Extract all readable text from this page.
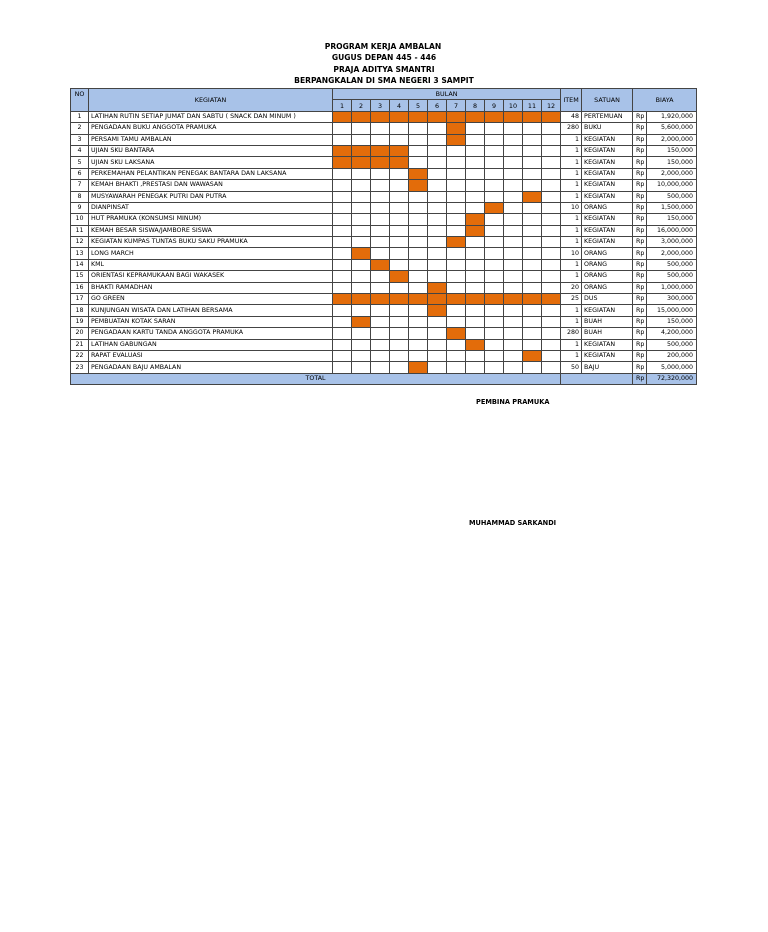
PROGRAM KERJA AMBALAN
GUGUS DEPAN 445 - 446
PRAJA ADITYA SMANTRI
BERPANGKALAN DI SMA NEGERI 3 SAMPIT
NO	KEGIATAN	BULAN												ITEM	SATUAN	BIAYA	
		1	2	3	4	5	6	7	8	9	10	11	12				
1	LATIHAN RUTIN SETIAP JUMAT DAN SABTU ( SNACK DAN MINUM )													48	PERTEMUAN	Rp	1,920,000
2	PENGADAAN BUKU ANGGOTA PRAMUKA													280	BUKU	Rp	5,600,000
3	PERSAMI TAMU AMBALAN													1	KEGIATAN	Rp	2,000,000
4	UJIAN SKU BANTARA													1	KEGIATAN	Rp	150,000
5	UJIAN SKU LAKSANA													1	KEGIATAN	Rp	150,000
6	PERKEMAHAN PELANTIKAN PENEGAK BANTARA DAN LAKSANA													1	KEGIATAN	Rp	2,000,000
7	KEMAH BHAKTI ,PRESTASI DAN WAWASAN													1	KEGIATAN	Rp	10,000,000
8	MUSYAWARAH PENEGAK PUTRI DAN PUTRA													1	KEGIATAN	Rp	500,000
9	DIANPINSAT													10	ORANG	Rp	1,500,000
10	HUT PRAMUKA (KONSUMSI MINUM)													1	KEGIATAN	Rp	150,000
11	KEMAH BESAR SISWA/JAMBORE SISWA													1	KEGIATAN	Rp	16,000,000
12	KEGIATAN KUMPAS TUNTAS BUKU SAKU PRAMUKA													1	KEGIATAN	Rp	3,000,000
13	LONG MARCH													10	ORANG	Rp	2,000,000
14	KML													1	ORANG	Rp	500,000
15	ORIENTASI KEPRAMUKAAN BAGI WAKASEK													1	ORANG	Rp	500,000
16	BHAKTI RAMADHAN													20	ORANG	Rp	1,000,000
17	GO GREEN													25	DUS	Rp	300,000
18	KUNJUNGAN WISATA DAN LATIHAN BERSAMA													1	KEGIATAN	Rp	15,000,000
19	PEMBUATAN KOTAK SARAN													1	BUAH	Rp	150,000
20	PENGADAAN KARTU TANDA ANGGOTA PRAMUKA													280	BUAH	Rp	4,200,000
21	LATIHAN GABUNGAN													1	KEGIATAN	Rp	500,000
22	RAPAT EVALUASI													1	KEGIATAN	Rp	200,000
23	PENGADAAN BAJU AMBALAN													50	BAJU	Rp	5,000,000
TOTAL																Rp	72,320,000
PEMBINA PRAMUKA
MUHAMMAD SARKANDI
